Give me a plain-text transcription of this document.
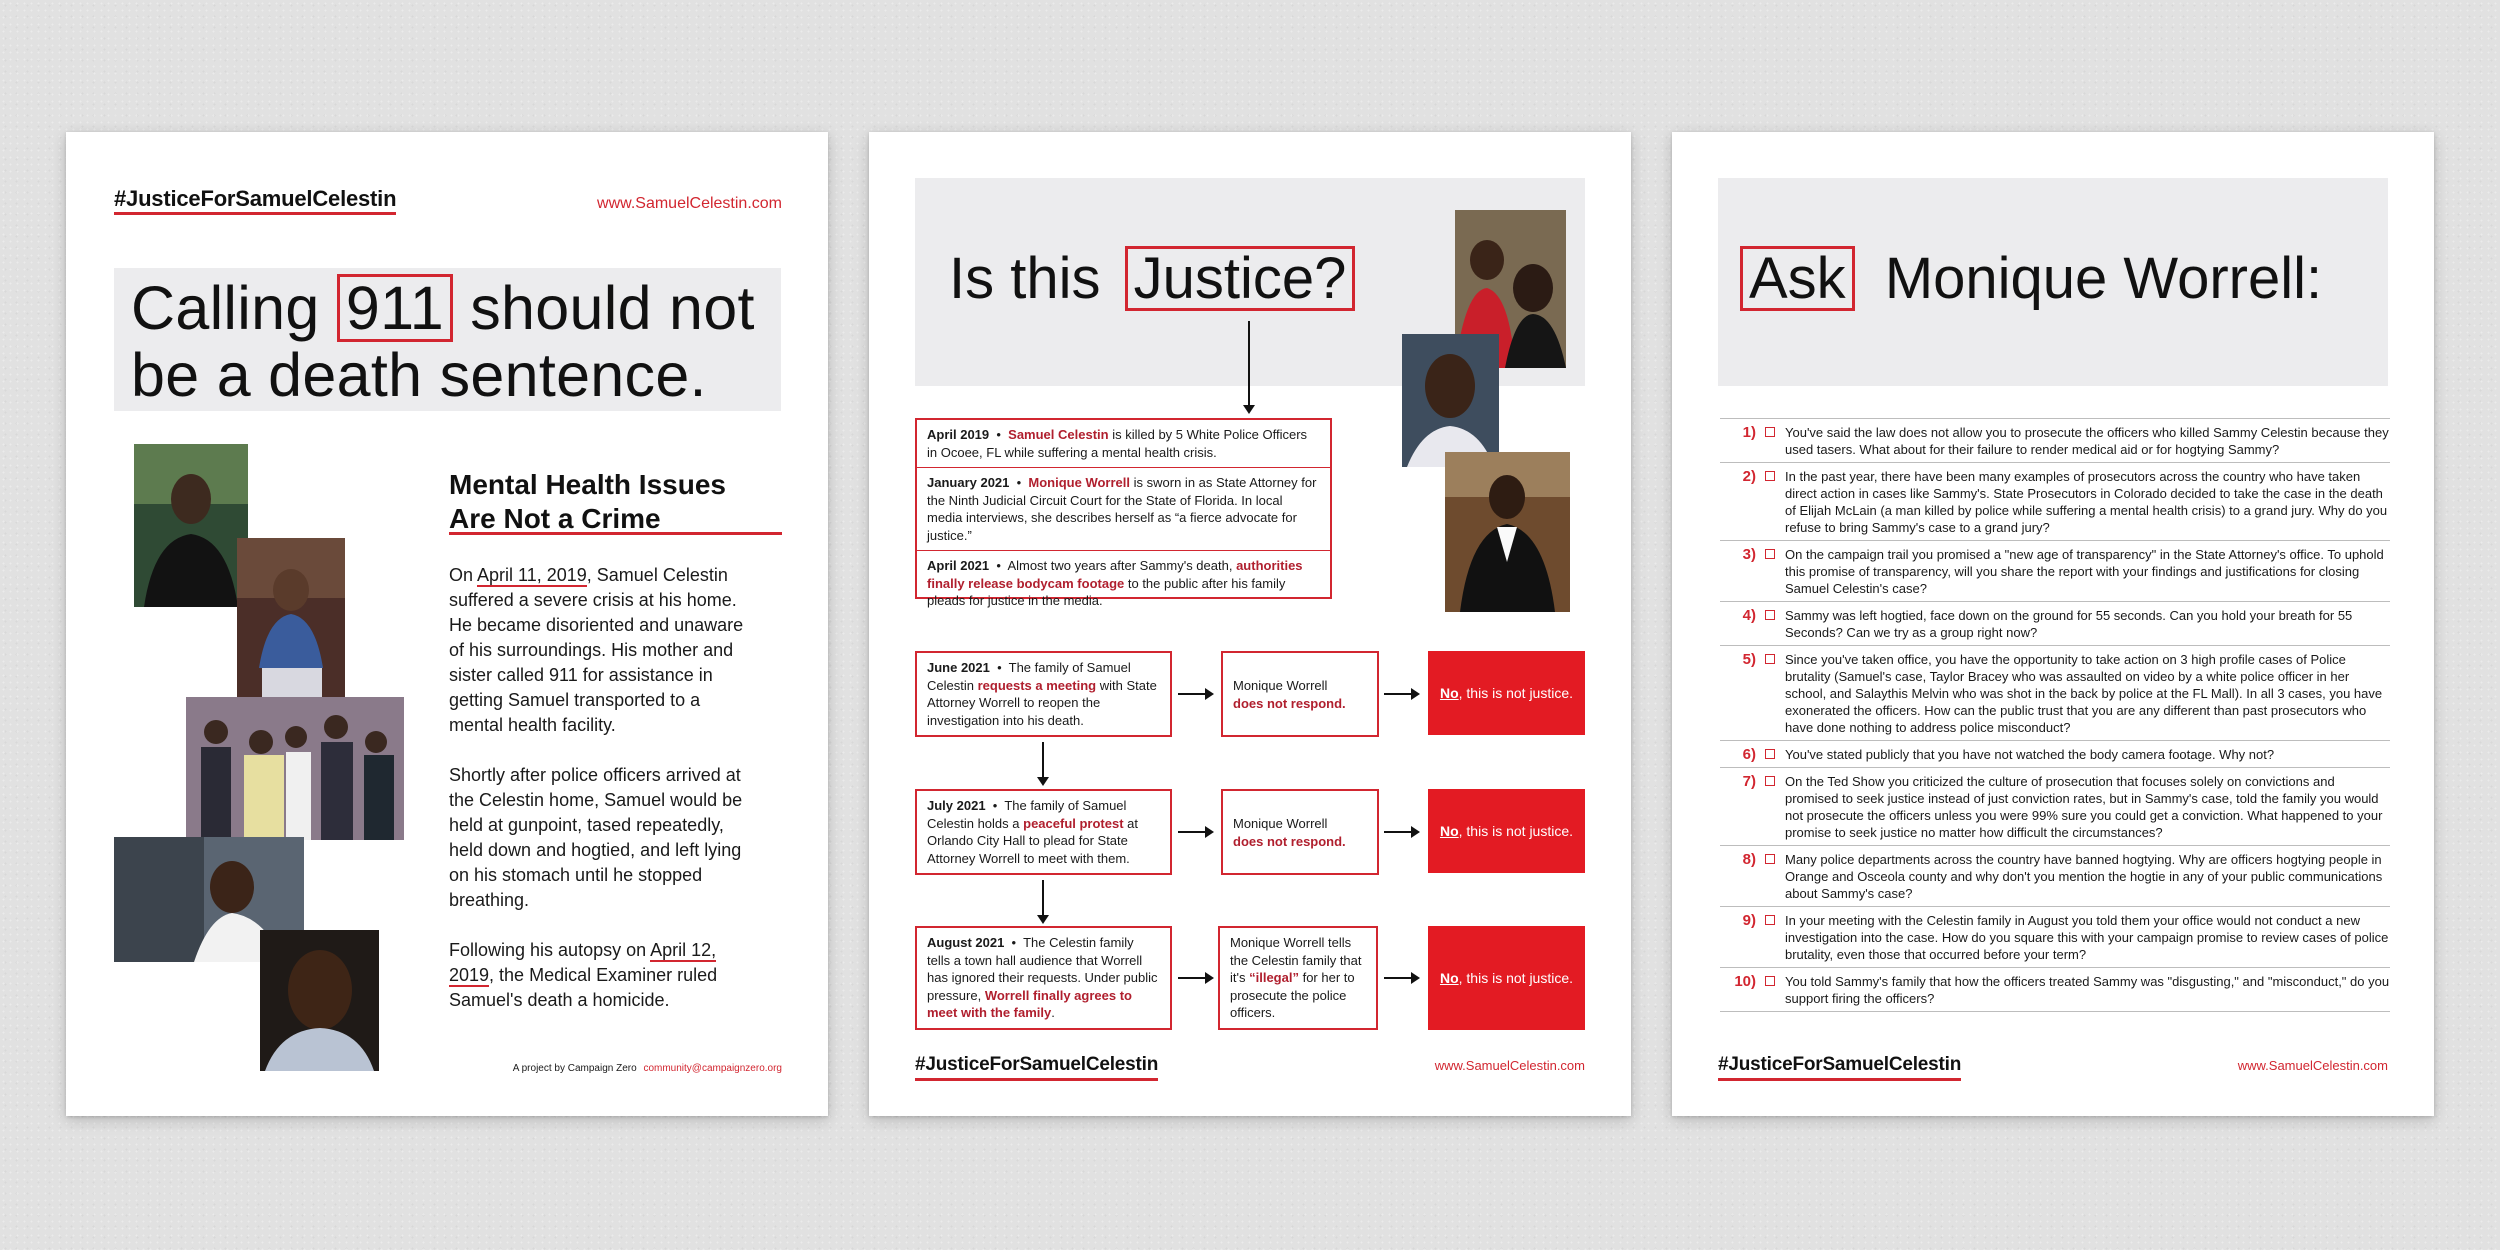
#JusticeForSamuelCelestin	www.SamuelCelestin.com
Calling 911 should not
be a death sentence.
Mental Health Issues
Are Not a Crime

On April 11, 2019, Samuel Celestin suffered a severe crisis at his home. He became disoriented and unaware of his surroundings. His mother and sister called 911 for assistance in getting Samuel transported to a mental health facility.

Shortly after police officers arrived at the Celestin home, Samuel would be held at gunpoint, tased repeatedly, held down and hogtied, and left lying on his stomach until he stopped breathing.

Following his autopsy on April 12, 2019, the Medical Examiner ruled Samuel's death a homicide.

A project by Campaign Zero community@campaignzero.org
Is this Justice?
April 2019  •  Samuel Celestin is killed by 5 White Police Officers in Ocoee, FL while suffering a mental health crisis.
January 2021  •  Monique Worrell is sworn in as State Attorney for the Ninth Judicial Circuit Court for the State of Florida. In local media interviews, she describes herself as “a fierce advocate for justice.”
April 2021  •  Almost two years after Sammy's death, authorities finally release bodycam footage to the public after his family pleads for justice in the media.
June 2021  •  The family of Samuel Celestin requests a meeting with State Attorney Worrell to reopen the investigation into his death.
Monique Worrell
does not respond.
No , this is not justice.
July 2021  •  The family of Samuel Celestin holds a peaceful protest at Orlando City Hall to plead for State Attorney Worrell to meet with them.
Monique Worrell
does not respond.
No , this is not justice.
August 2021  •  The Celestin family tells a town hall audience that Worrell has ignored their requests. Under public pressure, Worrell finally agrees to meet with the family.
Monique Worrell tells the Celestin family that it's “illegal” for her to prosecute the police officers.
No , this is not justice.
#JusticeForSamuelCelestin	www.SamuelCelestin.com
Ask Monique Worrell:
1) You've said the law does not allow you to prosecute the officers who killed Sammy Celestin because they used tasers. What about for their failure to render medical aid or for hogtying Sammy?
2) In the past year, there have been many examples of prosecutors across the country who have taken direct action in cases like Sammy's. State Prosecutors in Colorado decided to take the case in the death of Elijah McLain (a man killed by police while suffering a mental health crisis) to a grand jury. Why do you refuse to bring Sammy's case to a grand jury?
3) On the campaign trail you promised a "new age of transparency" in the State Attorney's office. To uphold this promise of transparency, will you share the report with your findings and justifications for closing Samuel Celestin's case?
4) Sammy was left hogtied, face down on the ground for 55 seconds. Can you hold your breath for 55 Seconds? Can we try as a group right now?
5) Since you've taken office, you have the opportunity to take action on 3 high profile cases of Police brutality (Samuel's case, Taylor Bracey who was assaulted on video by a white police officer in her school, and Salaythis Melvin who was shot in the back by police at the FL Mall). In all 3 cases, you have exonerated the officers. How can the public trust that you are any different than past prosecutors who have done nothing to address police misconduct?
6) You've stated publicly that you have not watched the body camera footage. Why not?
7) On the Ted Show you criticized the culture of prosecution that focuses solely on convictions and promised to seek justice instead of just conviction rates, but in Sammy's case, told the family you would not prosecute the officers unless you were 99% sure you could get a conviction. What happened to your promise to seek justice no matter how difficult the circumstances?
8) Many police departments across the country have banned hogtying. Why are officers hogtying people in Orange and Osceola county and why don't you mention the hogtie in any of your public communications about Sammy's case?
9) In your meeting with the Celestin family in August you told them your office would not conduct a new investigation into the case. How do you square this with your campaign promise to review cases of police brutality, even those that occurred before your term?
10) You told Sammy's family that how the officers treated Sammy was "disgusting," and "misconduct," do you support firing the officers?
#JusticeForSamuelCelestin	www.SamuelCelestin.com
